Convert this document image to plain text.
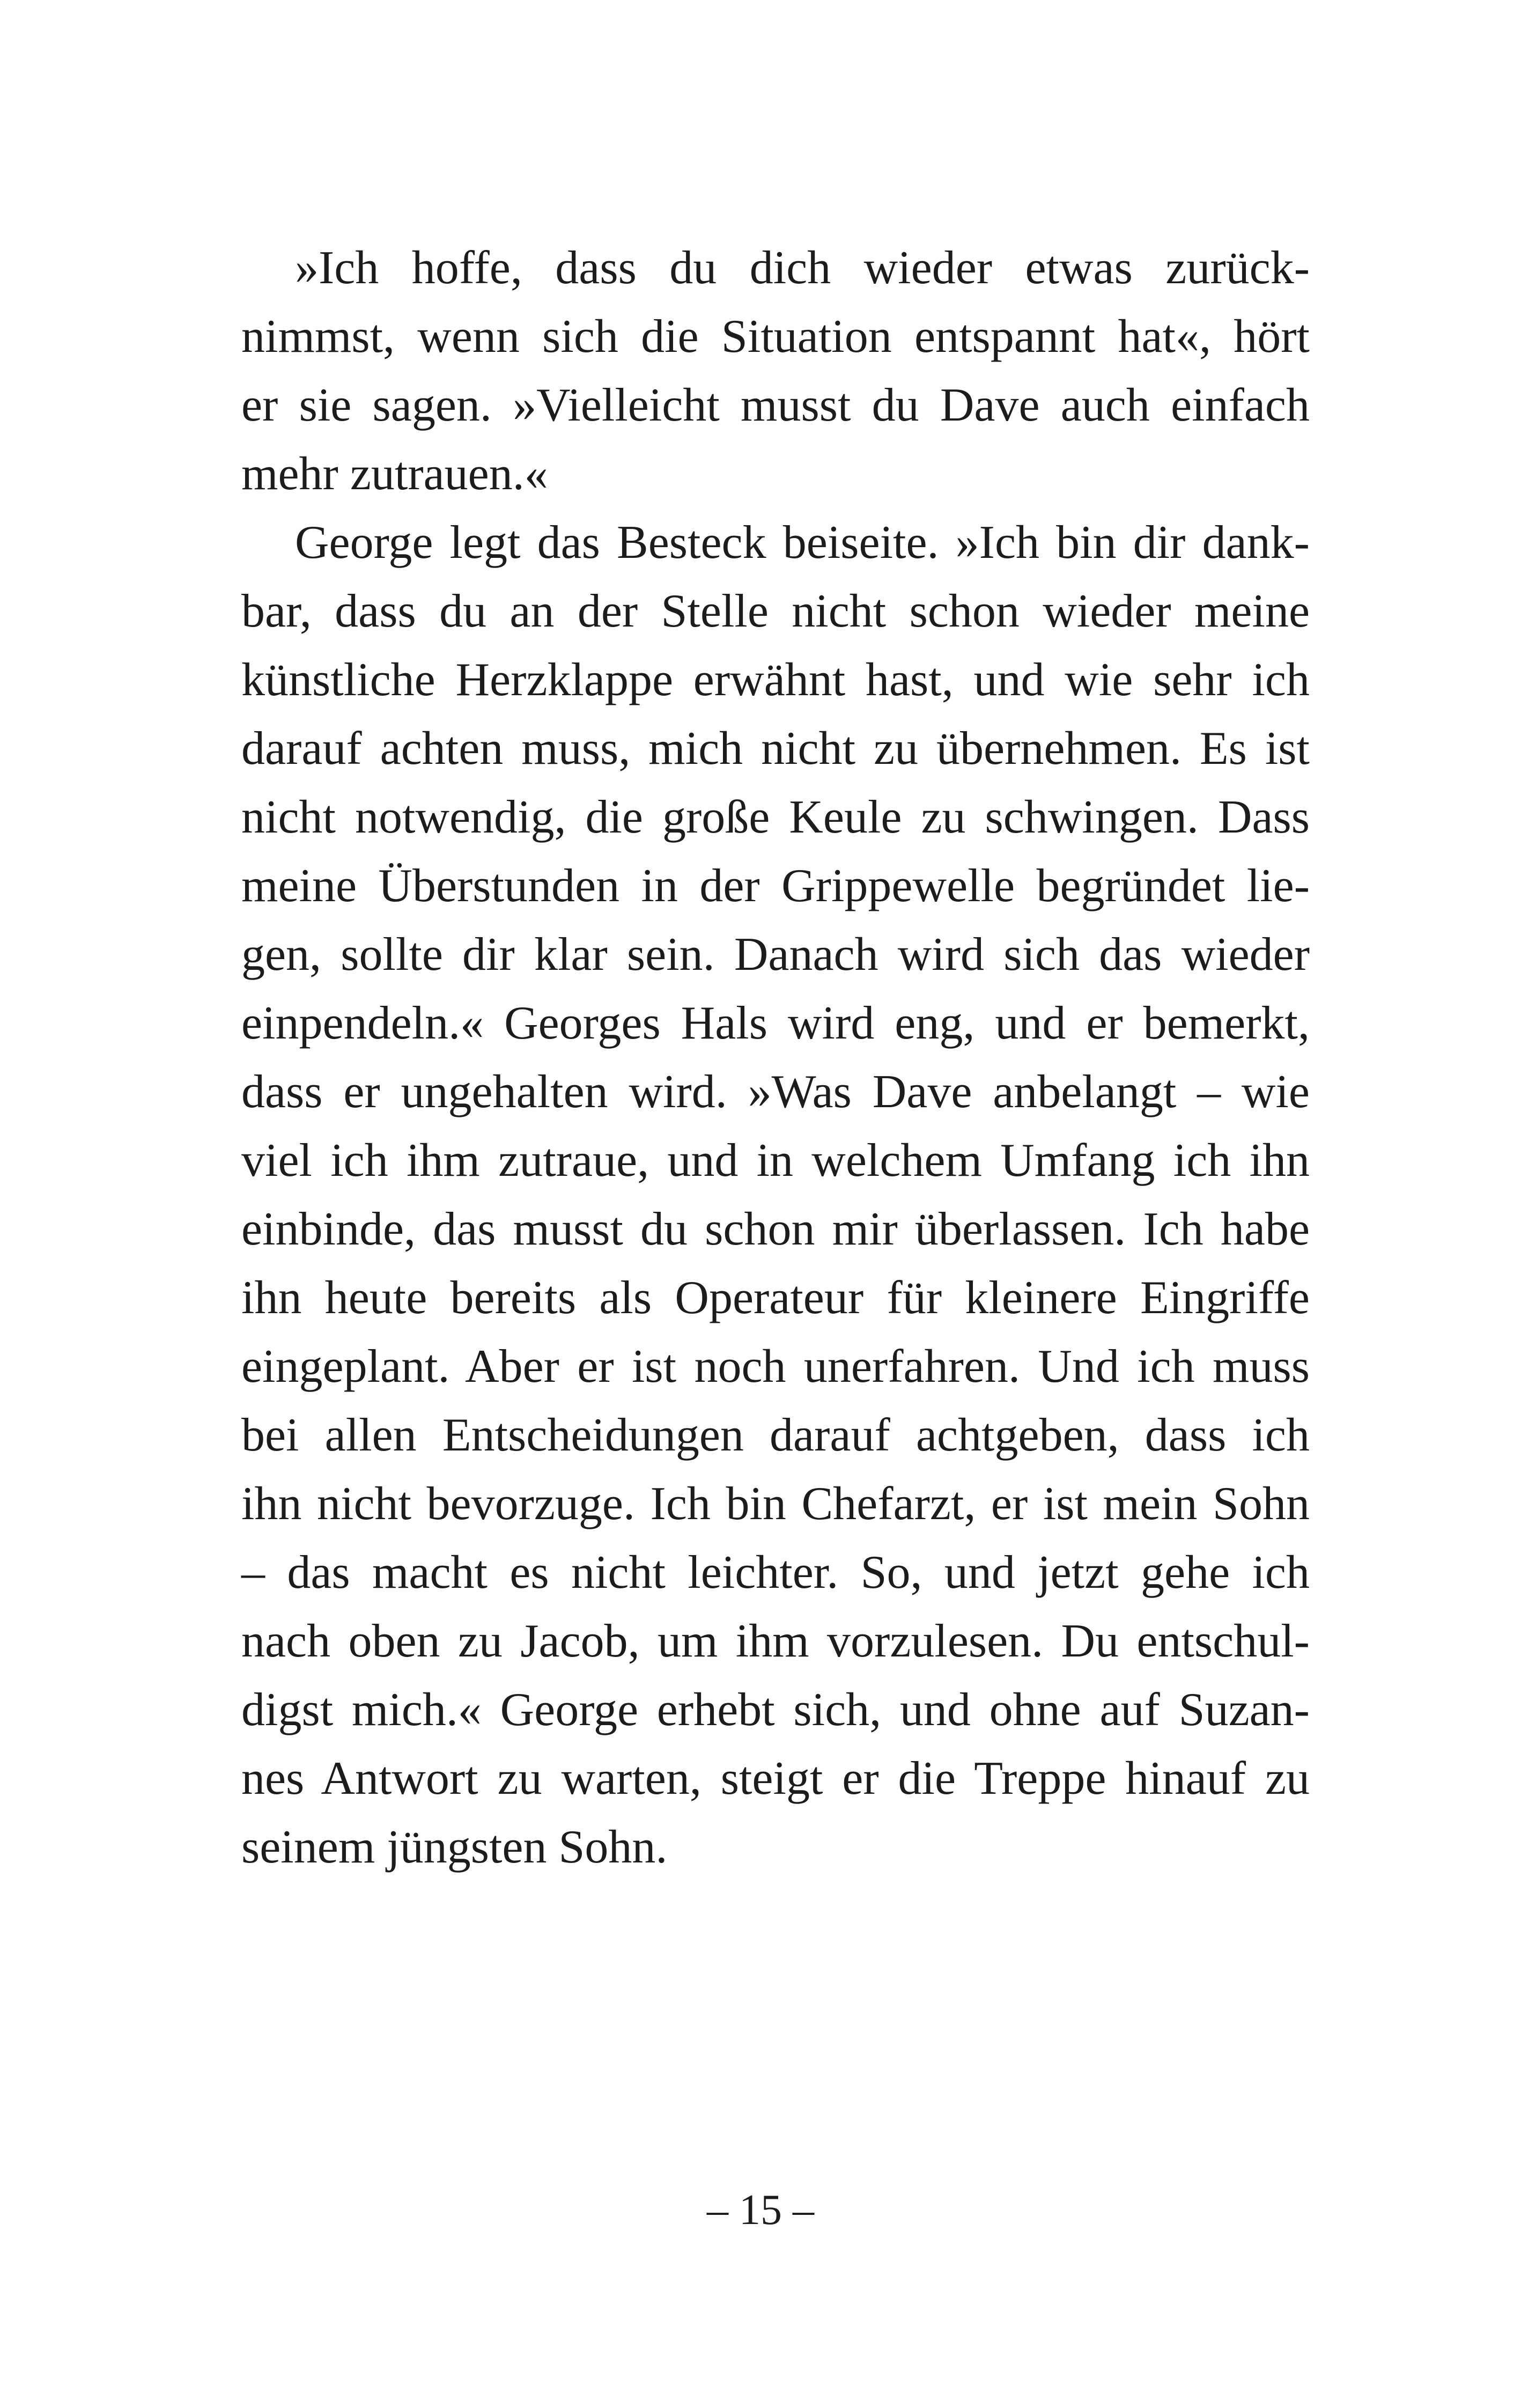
»Ich hoffe, dass du dich wieder etwas zurück-
nimmst, wenn sich die Situation entspannt hat«, hört
er sie sagen. »Vielleicht musst du Dave auch einfach
mehr zutrauen.«
George legt das Besteck beiseite. »Ich bin dir dank-
bar, dass du an der Stelle nicht schon wieder meine
künstliche Herzklappe erwähnt hast, und wie sehr ich
darauf achten muss, mich nicht zu übernehmen. Es ist
nicht notwendig, die große Keule zu schwingen. Dass
meine Überstunden in der Grippewelle begründet lie-
gen, sollte dir klar sein. Danach wird sich das wieder
einpendeln.« Georges Hals wird eng, und er bemerkt,
dass er ungehalten wird. »Was Dave anbelangt – wie
viel ich ihm zutraue, und in welchem Umfang ich ihn
einbinde, das musst du schon mir überlassen. Ich habe
ihn heute bereits als Operateur für kleinere Eingriffe
eingeplant. Aber er ist noch unerfahren. Und ich muss
bei allen Entscheidungen darauf achtgeben, dass ich
ihn nicht bevorzuge. Ich bin Chefarzt, er ist mein Sohn
– das macht es nicht leichter. So, und jetzt gehe ich
nach oben zu Jacob, um ihm vorzulesen. Du entschul-
digst mich.« George erhebt sich, und ohne auf Suzan-
nes Antwort zu warten, steigt er die Treppe hinauf zu
seinem jüngsten Sohn.
– 15 –
